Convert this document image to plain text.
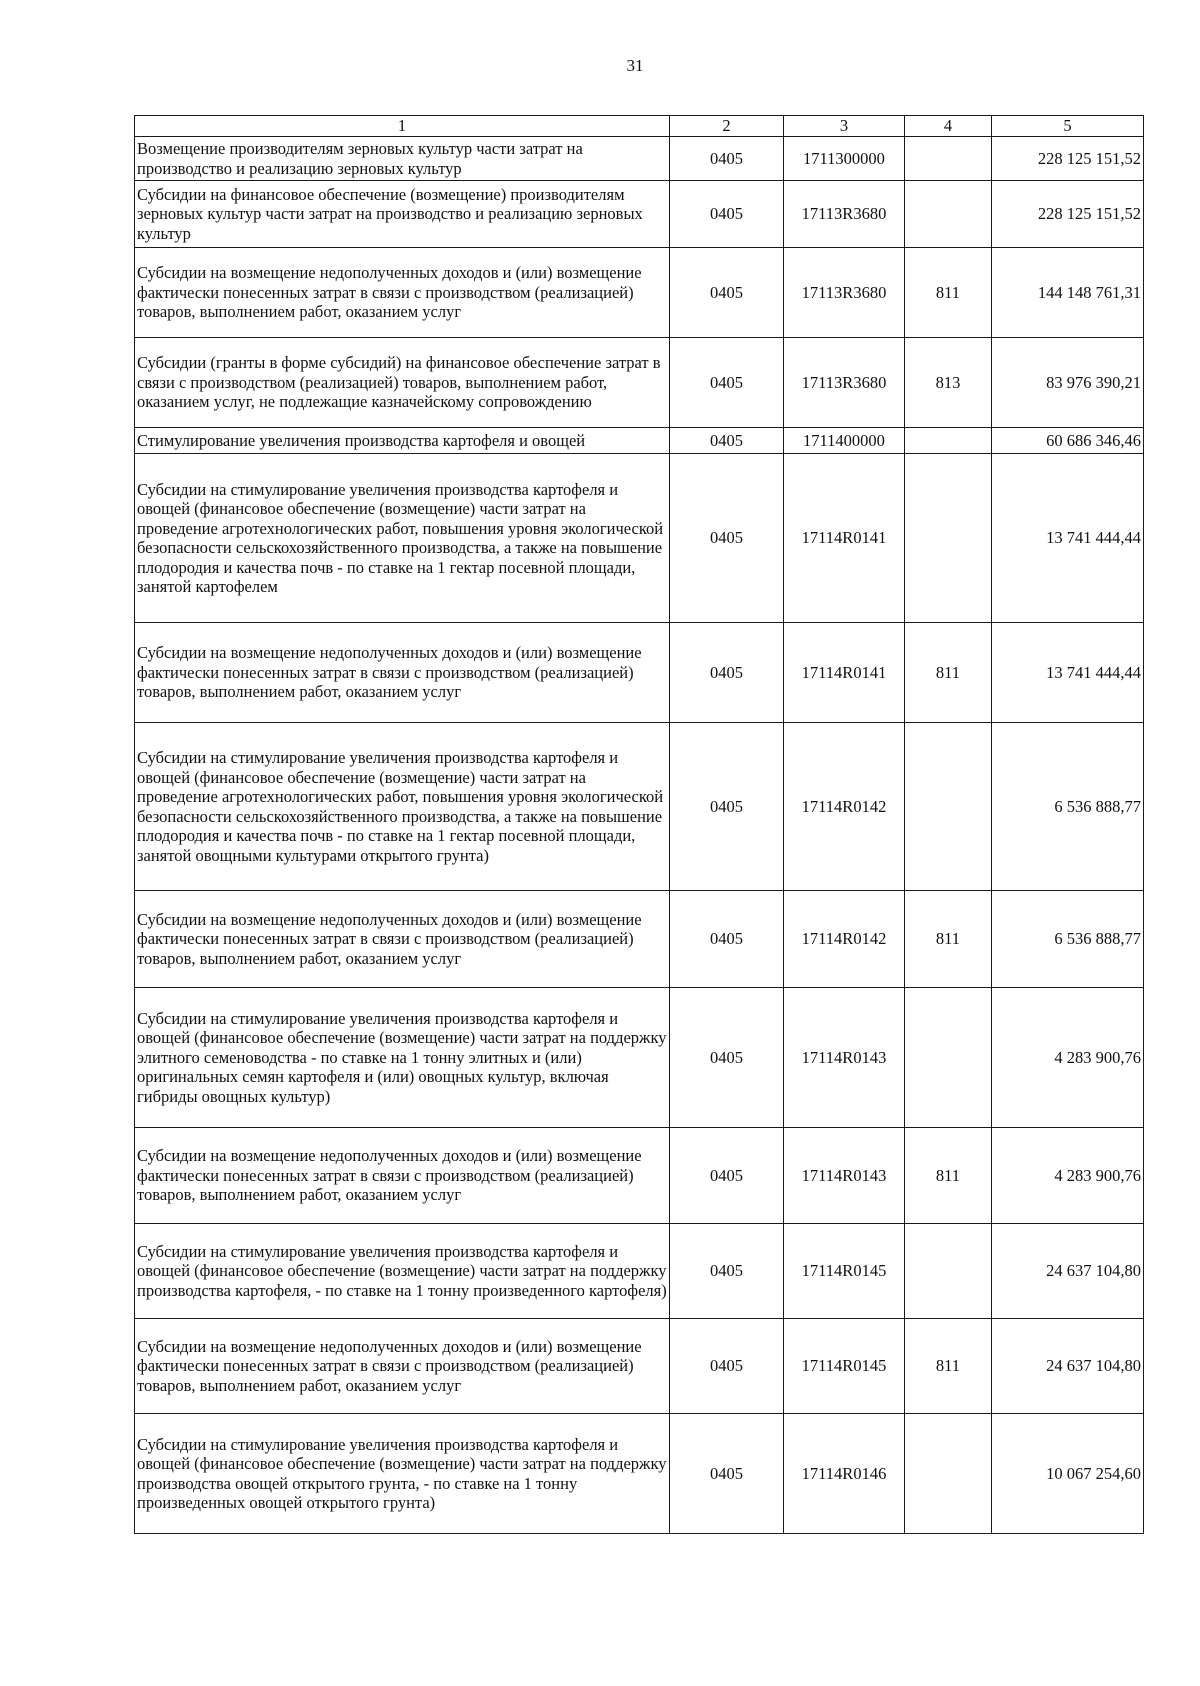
31
1	2	3	4	5
Возмещение производителям зерновых культур части затрат на производство и реализацию зерновых культур	0405	1711300000		228 125 151,52
Субсидии на финансовое обеспечение (возмещение) производителям зерновых культур части затрат на производство и реализацию зерновых культур	0405	17113R3680		228 125 151,52
Субсидии на возмещение недополученных доходов и (или) возмещение фактически понесенных затрат в связи с производством (реализацией) товаров, выполнением работ, оказанием услуг	0405	17113R3680	811	144 148 761,31
Субсидии (гранты в форме субсидий) на финансовое обеспечение затрат в связи с производством (реализацией) товаров, выполнением работ, оказанием услуг, не подлежащие казначейскому сопровождению	0405	17113R3680	813	83 976 390,21
Стимулирование увеличения производства картофеля и овощей	0405	1711400000		60 686 346,46
Субсидии на стимулирование увеличения производства картофеля и овощей (финансовое обеспечение (возмещение) части затрат на проведение агротехнологических работ, повышения уровня экологической безопасности сельскохозяйственного производства, а также на повышение плодородия и качества почв - по ставке на 1 гектар посевной площади, занятой картофелем	0405	17114R0141		13 741 444,44
Субсидии на возмещение недополученных доходов и (или) возмещение фактически понесенных затрат в связи с производством (реализацией) товаров, выполнением работ, оказанием услуг	0405	17114R0141	811	13 741 444,44
Субсидии на стимулирование увеличения производства картофеля и овощей (финансовое обеспечение (возмещение) части затрат на проведение агротехнологических работ, повышения уровня экологической безопасности сельскохозяйственного производства, а также на повышение плодородия и качества почв - по ставке на 1 гектар посевной площади, занятой овощными культурами открытого грунта)	0405	17114R0142		6 536 888,77
Субсидии на возмещение недополученных доходов и (или) возмещение фактически понесенных затрат в связи с производством (реализацией) товаров, выполнением работ, оказанием услуг	0405	17114R0142	811	6 536 888,77
Субсидии на стимулирование увеличения производства картофеля и овощей (финансовое обеспечение (возмещение) части затрат на поддержку элитного семеноводства - по ставке на 1 тонну элитных и (или) оригинальных семян картофеля и (или) овощных культур, включая гибриды овощных культур)	0405	17114R0143		4 283 900,76
Субсидии на возмещение недополученных доходов и (или) возмещение фактически понесенных затрат в связи с производством (реализацией) товаров, выполнением работ, оказанием услуг	0405	17114R0143	811	4 283 900,76
Субсидии на стимулирование увеличения производства картофеля и овощей (финансовое обеспечение (возмещение) части затрат на поддержку производства картофеля, - по ставке на 1 тонну произведенного картофеля)	0405	17114R0145		24 637 104,80
Субсидии на возмещение недополученных доходов и (или) возмещение фактически понесенных затрат в связи с производством (реализацией) товаров, выполнением работ, оказанием услуг	0405	17114R0145	811	24 637 104,80
Субсидии на стимулирование увеличения производства картофеля и овощей (финансовое обеспечение (возмещение) части затрат на поддержку производства овощей открытого грунта, - по ставке на 1 тонну произведенных овощей открытого грунта)	0405	17114R0146		10 067 254,60
